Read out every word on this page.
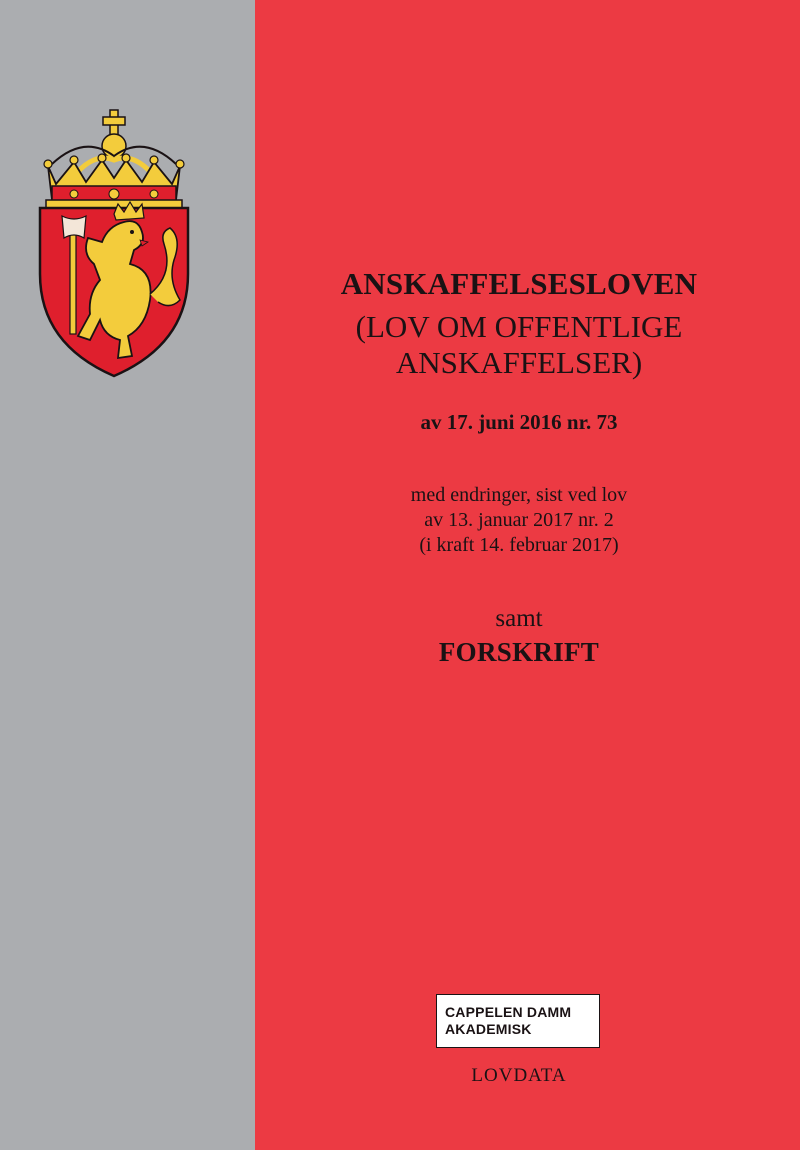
ANSKAFFELSESLOVEN
(LOV OM OFFENTLIGE
ANSKAFFELSER)
av 17. juni 2016 nr. 73
med endringer, sist ved lov
av 13. januar 2017 nr. 2
(i kraft 14. februar 2017)
samt
FORSKRIFT
CAPPELEN DAMM
AKADEMISK
LOVDATA
